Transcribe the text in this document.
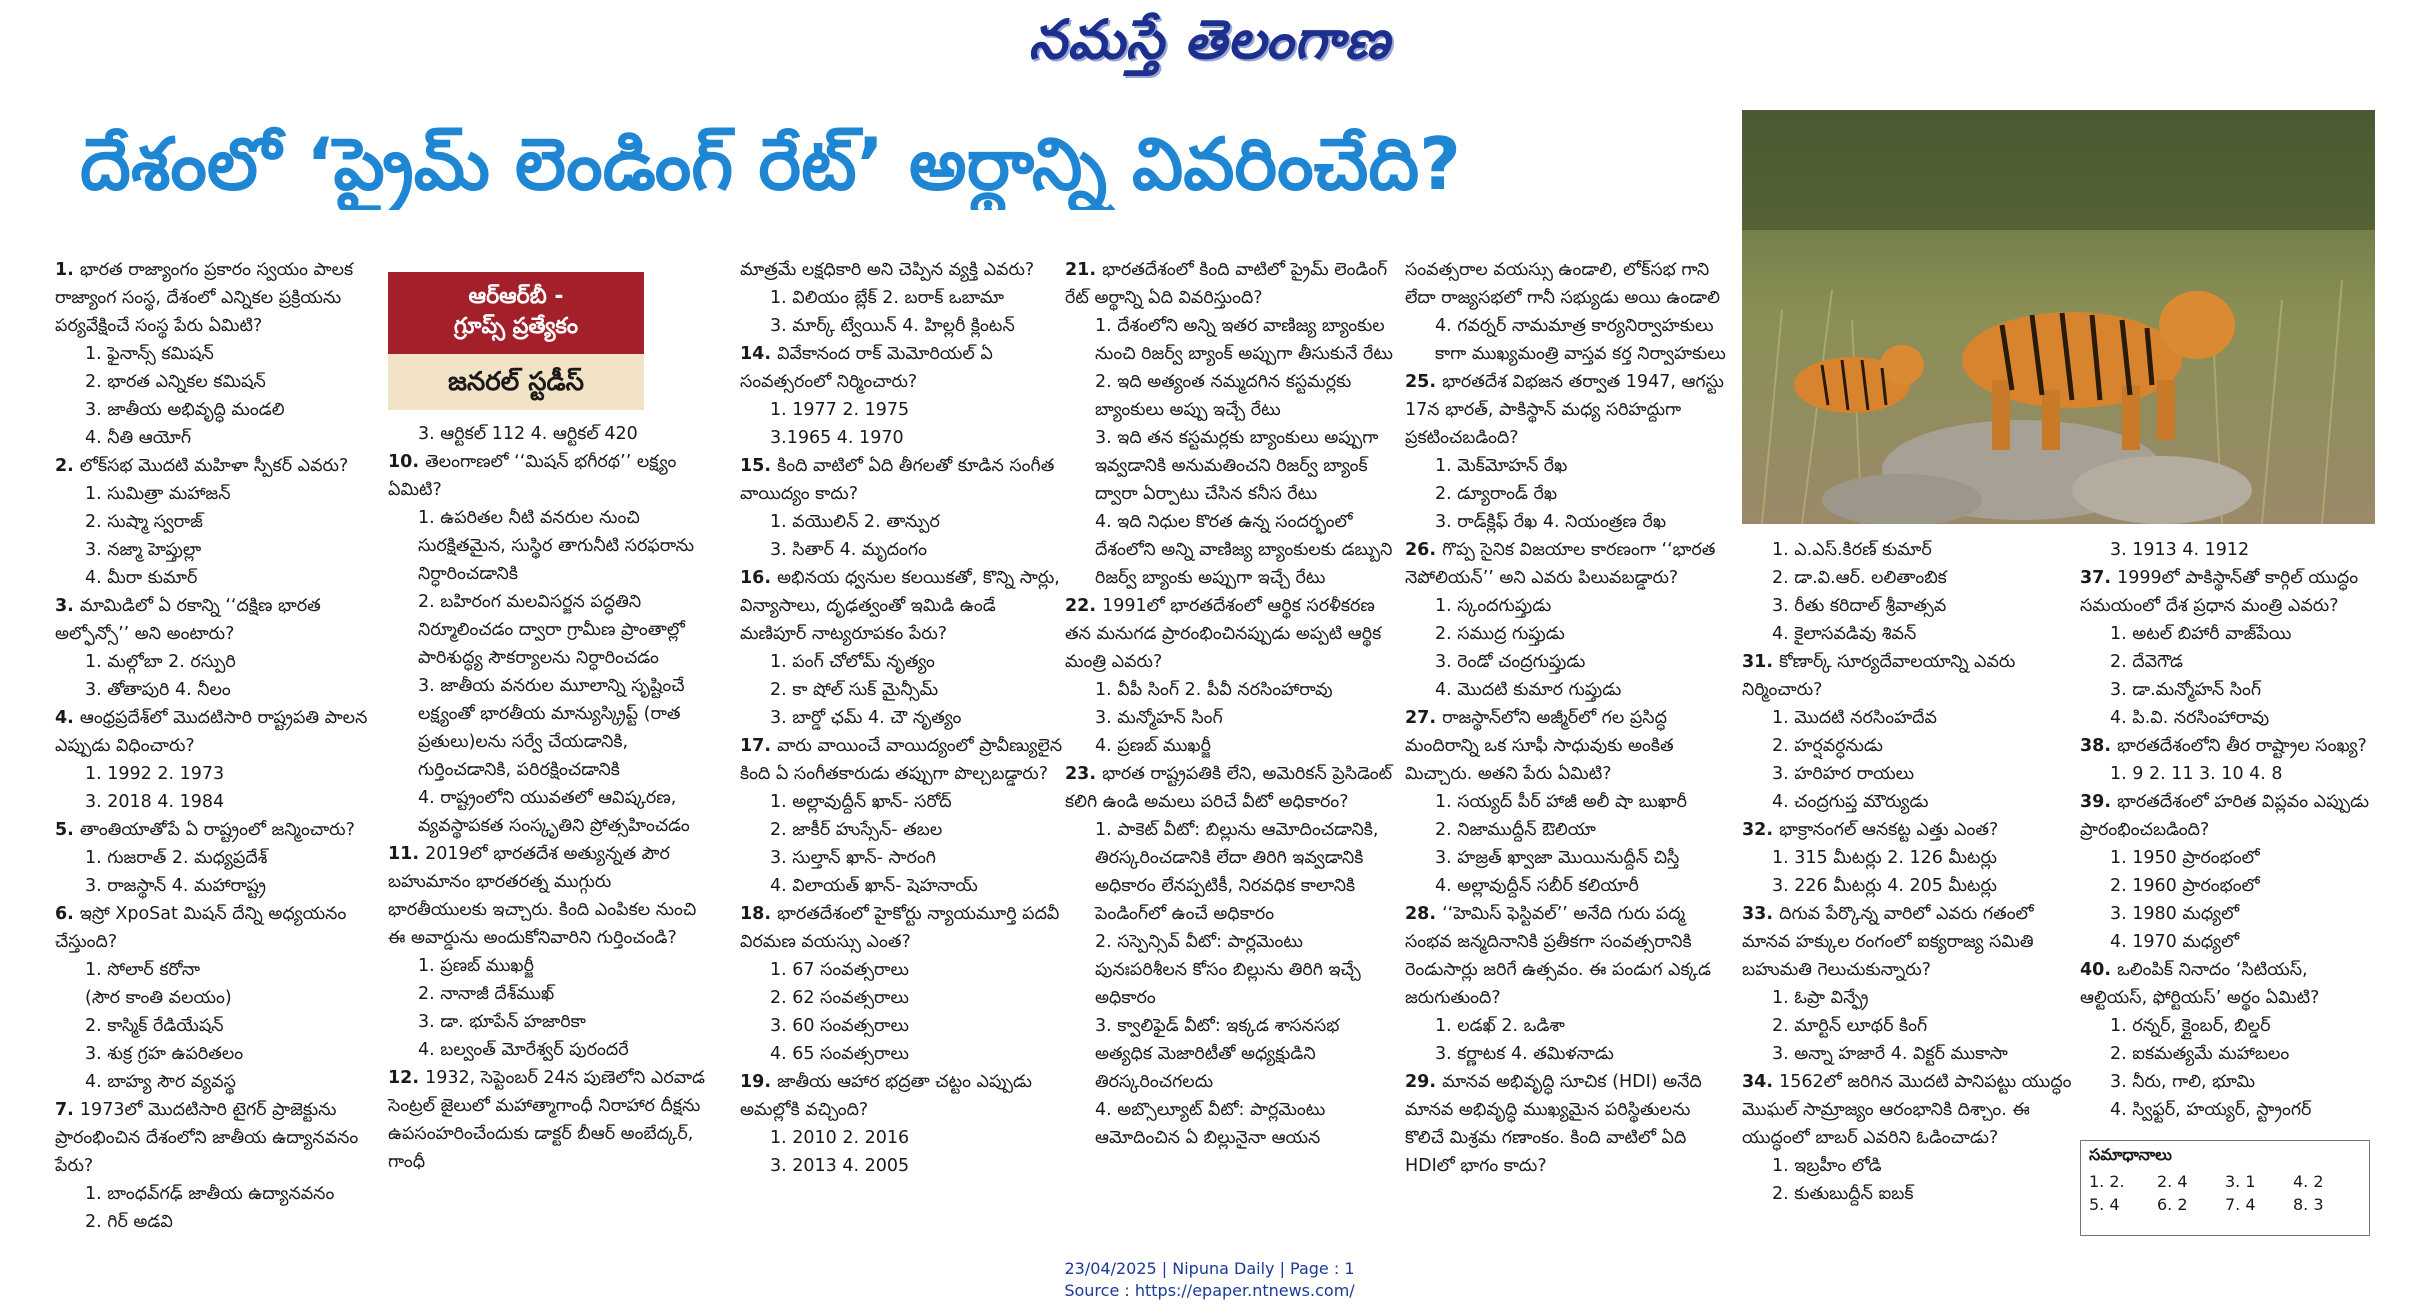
నమస్తే తెలంగాణ
దేశంలో ‘ప్రైమ్ లెండింగ్ రేట్’ అర్థాన్ని వివరించేది?
ఆర్ఆర్‌బీ -
గ్రూప్స్ ప్రత్యేకం
జనరల్ స్టడీస్

1. భారత రాజ్యాంగం ప్రకారం స్వయం పాలక రాజ్యాంగ సంస్థ, దేశంలో ఎన్నికల ప్రక్రియను పర్యవేక్షించే సంస్థ పేరు ఏమిటి?

1. ఫైనాన్స్ కమిషన్
2. భారత ఎన్నికల కమిషన్
3. జాతీయ అభివృద్ధి మండలి
4. నీతి ఆయోగ్

2. లోక్‌సభ మొదటి మహిళా స్పీకర్ ఎవరు?

1. సుమిత్రా మహాజన్
2. సుష్మా స్వరాజ్
3. నజ్మా హెప్తుల్లా
4. మీరా కుమార్

3. మామిడిలో ఏ రకాన్ని ‘‘దక్షిణ భారత అల్ఫోన్సో’’ అని అంటారు?

1. మల్గోబా 2. రస్పురి
3. తోతాపురి 4. నీలం

4. ఆంధ్రప్రదేశ్‌లో మొదటిసారి రాష్ట్రపతి పాలన ఎప్పుడు విధించారు?

1. 1992 2. 1973
3. 2018 4. 1984

5. తాంతియాతోపే ఏ రాష్ట్రంలో జన్మించారు?

1. గుజరాత్ 2. మధ్యప్రదేశ్
3. రాజస్థాన్ 4. మహారాష్ట్ర

6. ఇస్రో XpoSat మిషన్ దేన్ని అధ్యయనం చేస్తుంది?

1. సోలార్ కరోనా
(సౌర కాంతి వలయం)
2. కాస్మిక్ రేడియేషన్
3. శుక్ర గ్రహ ఉపరితలం
4. బాహ్య సౌర వ్యవస్థ

7. 1973లో మొదటిసారి టైగర్ ప్రాజెక్టును ప్రారంభించిన దేశంలోని జాతీయ ఉద్యానవనం పేరు?

1. బాంధవ్‌గఢ్ జాతీయ ఉద్యానవనం
2. గిర్ అడవి
3. ఆర్టికల్ 112 4. ఆర్టికల్ 420

10. తెలంగాణలో ‘‘మిషన్ భగీరథ’’ లక్ష్యం ఏమిటి?

1. ఉపరితల నీటి వనరుల నుంచి సురక్షితమైన, సుస్థిర తాగునీటి సరఫరాను నిర్ధారించడానికి
2. బహిరంగ మలవిసర్జన పద్ధతిని నిర్మూలించడం ద్వారా గ్రామీణ ప్రాంతాల్లో పారిశుద్ధ్య సౌకర్యాలను నిర్ధారించడం
3. జాతీయ వనరుల మూలాన్ని సృష్టించే లక్ష్యంతో భారతీయ మాన్యుస్క్రిప్ట్ (రాత ప్రతులు)లను సర్వే చేయడానికి, గుర్తించడానికి, పరిరక్షించడానికి
4. రాష్ట్రంలోని యువతలో ఆవిష్కరణ, వ్యవస్థాపకత సంస్కృతిని ప్రోత్సహించడం

11. 2019లో భారతదేశ అత్యున్నత పౌర బహుమానం భారతరత్న ముగ్గురు భారతీయులకు ఇచ్చారు. కింది ఎంపికల నుంచి ఈ అవార్డును అందుకోనివారిని గుర్తించండి?

1. ప్రణబ్ ముఖర్జీ
2. నానాజీ దేశ్‌ముఖ్
3. డా. భూపేన్ హజారికా
4. బల్వంత్ మోరేశ్వర్ పురందరే

12. 1932, సెప్టెంబర్ 24న పుణెలోని ఎరవాడ సెంట్రల్ జైలులో మహాత్మాగాంధీ నిరాహార దీక్షను ఉపసంహరించేందుకు డాక్టర్ బీఆర్ అంబేద్కర్, గాంధీ

మాత్రమే లక్షధికారి అని చెప్పిన వ్యక్తి ఎవరు?

1. విలియం బ్లేక్ 2. బరాక్ ఒబామా
3. మార్క్ ట్వేయిన్ 4. హిల్లరీ క్లింటన్

14. వివేకానంద రాక్ మెమోరియల్ ఏ సంవత్సరంలో నిర్మించారు?

1. 1977 2. 1975
3.1965 4. 1970

15. కింది వాటిలో ఏది తీగలతో కూడిన సంగీత వాయిద్యం కాదు?

1. వయొలిన్ 2. తాన్పుర
3. సితార్ 4. మృదంగం

16. అభినయ ధ్వనుల కలయికతో, కొన్ని సార్లు, విన్యాసాలు, దృఢత్వంతో ఇమిడి ఉండే మణిపూర్ నాట్యరూపకం పేరు?

1. పంగ్ చోలోమ్ నృత్యం
2. కా షోల్ సుక్ మైన్సీమ్
3. బార్డో ఛమ్ 4. చౌ నృత్యం

17. వారు వాయించే వాయిద్యంలో ప్రావీణ్యులైన కింది ఏ సంగీతకారుడు తప్పుగా పొల్చబడ్డారు?

1. అల్లావుద్దీన్ ఖాన్- సరోద్
2. జాకీర్ హుస్సేన్- తబల
3. సుల్తాన్ ఖాన్- సారంగి
4. విలాయత్ ఖాన్- షెహనాయ్

18. భారతదేశంలో హైకోర్టు న్యాయమూర్తి పదవీ విరమణ వయస్సు ఎంత?

1. 67 సంవత్సరాలు
2. 62 సంవత్సరాలు
3. 60 సంవత్సరాలు
4. 65 సంవత్సరాలు

19. జాతీయ ఆహార భద్రతా చట్టం ఎప్పుడు అమల్లోకి వచ్చింది?

1. 2010 2. 2016
3. 2013 4. 2005

21. భారతదేశంలో కింది వాటిలో ప్రైమ్ లెండింగ్ రేట్ అర్థాన్ని ఏది వివరిస్తుంది?

1. దేశంలోని అన్ని ఇతర వాణిజ్య బ్యాంకుల నుంచి రిజర్వ్ బ్యాంక్ అప్పుగా తీసుకునే రేటు
2. ఇది అత్యంత నమ్మదగిన కస్టమర్లకు బ్యాంకులు అప్పు ఇచ్చే రేటు
3. ఇది తన కస్టమర్లకు బ్యాంకులు అప్పుగా ఇవ్వడానికి అనుమతించని రిజర్వ్ బ్యాంక్ ద్వారా ఏర్పాటు చేసిన కనీస రేటు
4. ఇది నిధుల కొరత ఉన్న సందర్భంలో దేశంలోని అన్ని వాణిజ్య బ్యాంకులకు డబ్బుని రిజర్వ్ బ్యాంకు అప్పుగా ఇచ్చే రేటు

22. 1991లో భారతదేశంలో ఆర్థిక సరళీకరణ తన మనుగడ ప్రారంభించినప్పుడు అప్పటి ఆర్థిక మంత్రి ఎవరు?

1. వీపీ సింగ్ 2. పీవీ నరసింహారావు
3. మన్మోహన్ సింగ్
4. ప్రణబ్ ముఖర్జీ

23. భారత రాష్ట్రపతికి లేని, అమెరికన్ ప్రెసిడెంట్ కలిగి ఉండి అమలు పరిచే వీటో అధికారం?

1. పాకెట్ వీటో: బిల్లును ఆమోదించడానికి, తిరస్కరించడానికి లేదా తిరిగి ఇవ్వడానికి అధికారం లేనప్పటికీ, నిరవధిక కాలానికి పెండింగ్‌లో ఉంచే అధికారం
2. సస్పెన్సివ్ వీటో: పార్లమెంటు పునఃపరిశీలన కోసం బిల్లును తిరిగి ఇచ్చే అధికారం
3. క్వాలిఫైడ్ వీటో: ఇక్కడ శాసనసభ అత్యధిక మెజారిటీతో అధ్యక్షుడిని తిరస్కరించగలదు
4. అబ్సొల్యూట్ వీటో: పార్లమెంటు ఆమోదించిన ఏ బిల్లునైనా ఆయన

సంవత్సరాల వయస్సు ఉండాలి, లోక్‌సభ గాని లేదా రాజ్యసభలో గానీ సభ్యుడు అయి ఉండాలి

4. గవర్నర్ నామమాత్ర కార్యనిర్వాహకులు కాగా ముఖ్యమంత్రి వాస్తవ కర్త నిర్వాహకులు

25. భారతదేశ విభజన తర్వాత 1947, ఆగస్టు 17న భారత్, పాకిస్థాన్ మధ్య సరిహద్దుగా ప్రకటించబడింది?

1. మెక్‌మోహన్ రేఖ
2. డ్యూరాండ్ రేఖ
3. రాడ్‌క్లిఫ్ రేఖ 4. నియంత్రణ రేఖ

26. గొప్ప సైనిక విజయాల కారణంగా ‘‘భారత నెపోలియన్’’ అని ఎవరు పిలువబడ్డారు?

1. స్కందగుప్తుడు
2. సముద్ర గుప్తుడు
3. రెండో చంద్రగుప్తుడు
4. మొదటి కుమార గుప్తుడు

27. రాజస్థాన్‌లోని అజ్మీర్‌లో గల ప్రసిద్ధ మందిరాన్ని ఒక సూఫీ సాధువుకు అంకిత మిచ్చారు. అతని పేరు ఏమిటి?

1. సయ్యద్ పీర్ హాజీ అలీ షా బుఖారీ
2. నిజాముద్దీన్ ఔలియా
3. హజ్రత్ ఖ్వాజా మొయినుద్దీన్ చిస్తీ
4. అల్లావుద్దీన్ సబీర్ కలియారీ

28. ‘‘హెమిస్ ఫెస్టివల్’’ అనేది గురు పద్మ సంభవ జన్మదినానికి ప్రతీకగా సంవత్సరానికి రెండుసార్లు జరిగే ఉత్సవం. ఈ పండుగ ఎక్కడ జరుగుతుంది?

1. లడఖ్ 2. ఒడిశా
3. కర్ణాటక 4. తమిళనాడు

29. మానవ అభివృద్ధి సూచిక (HDI) అనేది మానవ అభివృద్ధి ముఖ్యమైన పరిస్థితులను కొలిచే మిశ్రమ గణాంకం. కింది వాటిలో ఏది HDIలో భాగం కాదు?

1. ఎ.ఎస్.కిరణ్ కుమార్
2. డా.వి.ఆర్. లలితాంబిక
3. రీతు కరిదాల్ శ్రీవాత్సవ
4. కైలాసవడివు శివన్

31. కోణార్క్ సూర్యదేవాలయాన్ని ఎవరు నిర్మించారు?

1. మొదటి నరసింహదేవ
2. హర్షవర్ధనుడు
3. హరిహర రాయలు
4. చంద్రగుప్త మౌర్యుడు

32. భాక్రానంగల్ ఆనకట్ట ఎత్తు ఎంత?

1. 315 మీటర్లు 2. 126 మీటర్లు
3. 226 మీటర్లు 4. 205 మీటర్లు

33. దిగువ పేర్కొన్న వారిలో ఎవరు గతంలో మానవ హక్కుల రంగంలో ఐక్యరాజ్య సమితి బహుమతి గెలుచుకున్నారు?

1. ఓప్రా విన్ఫ్రే
2. మార్టిన్ లూథర్ కింగ్
3. అన్నా హజారే 4. విక్టర్ ముకాసా

34. 1562లో జరిగిన మొదటి పానిపట్టు యుద్ధం మొఘల్ సామ్రాజ్యం ఆరంభానికి దిశ్చాం. ఈ యుద్ధంలో బాబర్ ఎవరిని ఓడించాడు?

1. ఇబ్రహీం లోడి
2. కుతుబుద్దీన్ ఐబక్
3. 1913 4. 1912

37. 1999లో పాకిస్థాన్‌తో కార్గిల్ యుద్ధం సమయంలో దేశ ప్రధాన మంత్రి ఎవరు?

1. అటల్ బిహారీ వాజ్‌పేయి
2. దేవెగౌడ
3. డా.మన్మోహన్ సింగ్
4. పి.వి. నరసింహారావు

38. భారతదేశంలోని తీర రాష్ట్రాల సంఖ్య?

1. 9 2. 11 3. 10 4. 8

39. భారతదేశంలో హరిత విప్లవం ఎప్పుడు ప్రారంభించబడింది?

1. 1950 ప్రారంభంలో
2. 1960 ప్రారంభంలో
3. 1980 మధ్యలో
4. 1970 మధ్యలో

40. ఒలింపిక్ నినాదం ‘సిటియస్, ఆల్టియస్, ఫోర్టియస్’ అర్థం ఏమిటి?

1. రన్నర్, క్లైంబర్, బిల్డర్
2. ఐకమత్యమే మహాబలం
3. నీరు, గాలి, భూమి
4. స్విఫ్టర్, హయ్యర్, స్ట్రాంగర్
సమాధానాలు
1. 2.	2. 4	3. 1	4. 2
5. 4	6. 2	7. 4	8. 3
23/04/2025 | Nipuna Daily | Page : 1
Source : https://epaper.ntnews.com/
